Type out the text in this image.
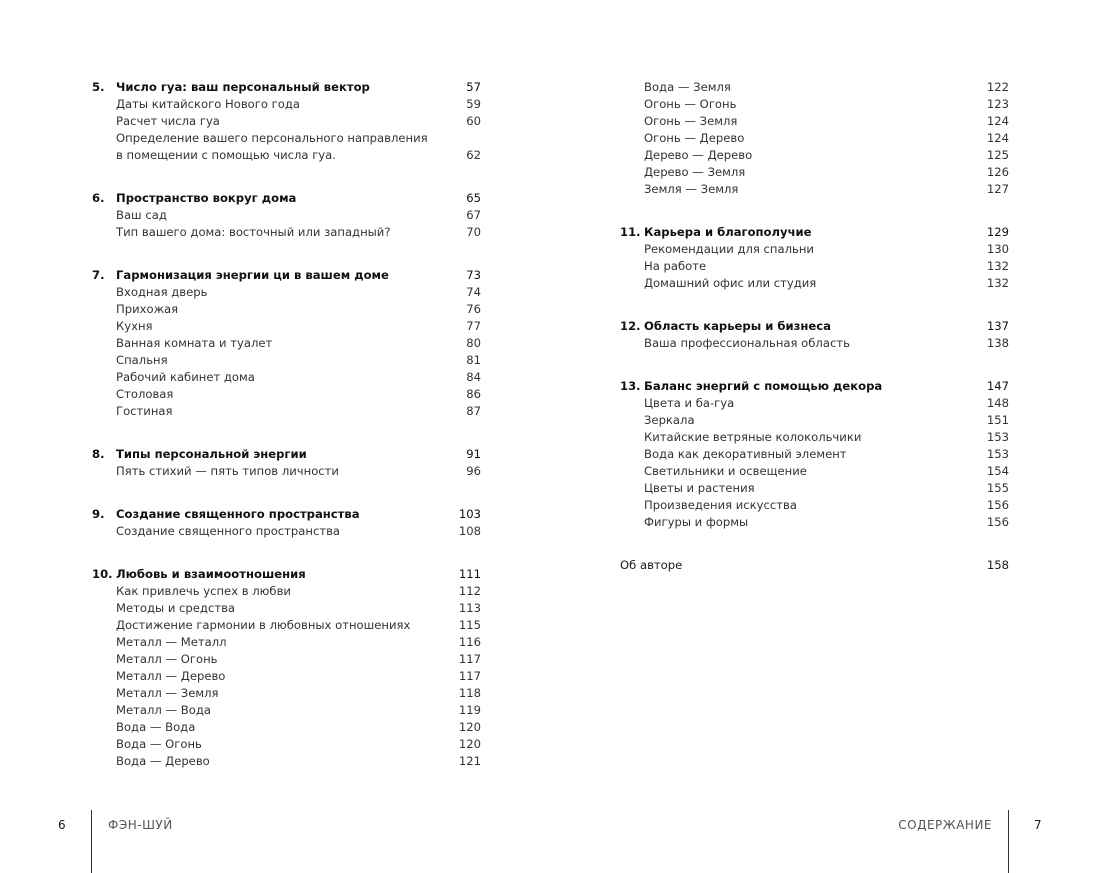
5. Число гуа: ваш персональный вектор	57
Даты китайского Нового года	59
Расчет числа гуа	60
Определение вашего персонального направления
в помещении с помощью числа гуа.	62
6. Пространство вокруг дома	65
Ваш сад	67
Тип вашего дома: восточный или западный?	70
7. Гармонизация энергии ци в вашем доме	73
Входная дверь	74
Прихожая	76
Кухня	77
Ванная комната и туалет	80
Спальня	81
Рабочий кабинет дома	84
Столовая	86
Гостиная	87
8. Типы персональной энергии	91
Пять стихий — пять типов личности	96
9. Создание священного пространства	103
Создание священного пространства	108
10. Любовь и взаимоотношения	111
Как привлечь успех в любви	112
Методы и средства	113
Достижение гармонии в любовных отношениях	115
Металл — Металл	116
Металл — Огонь	117
Металл — Дерево	117
Металл — Земля	118
Металл — Вода	119
Вода — Вода	120
Вода — Огонь	120
Вода — Дерево	121
Вода — Земля	122
Огонь — Огонь	123
Огонь — Земля	124
Огонь — Дерево	124
Дерево — Дерево	125
Дерево — Земля	126
Земля — Земля	127
11. Карьера и благополучие	129
Рекомендации для спальни	130
На работе	132
Домашний офис или студия	132
12. Область карьеры и бизнеса	137
Ваша профессиональная область	138
13. Баланс энергий с помощью декора	147
Цвета и ба-гуа	148
Зеркала	151
Китайские ветряные колокольчики	153
Вода как декоративный элемент	153
Светильники и освещение	154
Цветы и растения	155
Произведения искусства	156
Фигуры и формы	156
Об авторе	158
6	ФЭН-ШУЙ	СОДЕРЖАНИЕ	7
